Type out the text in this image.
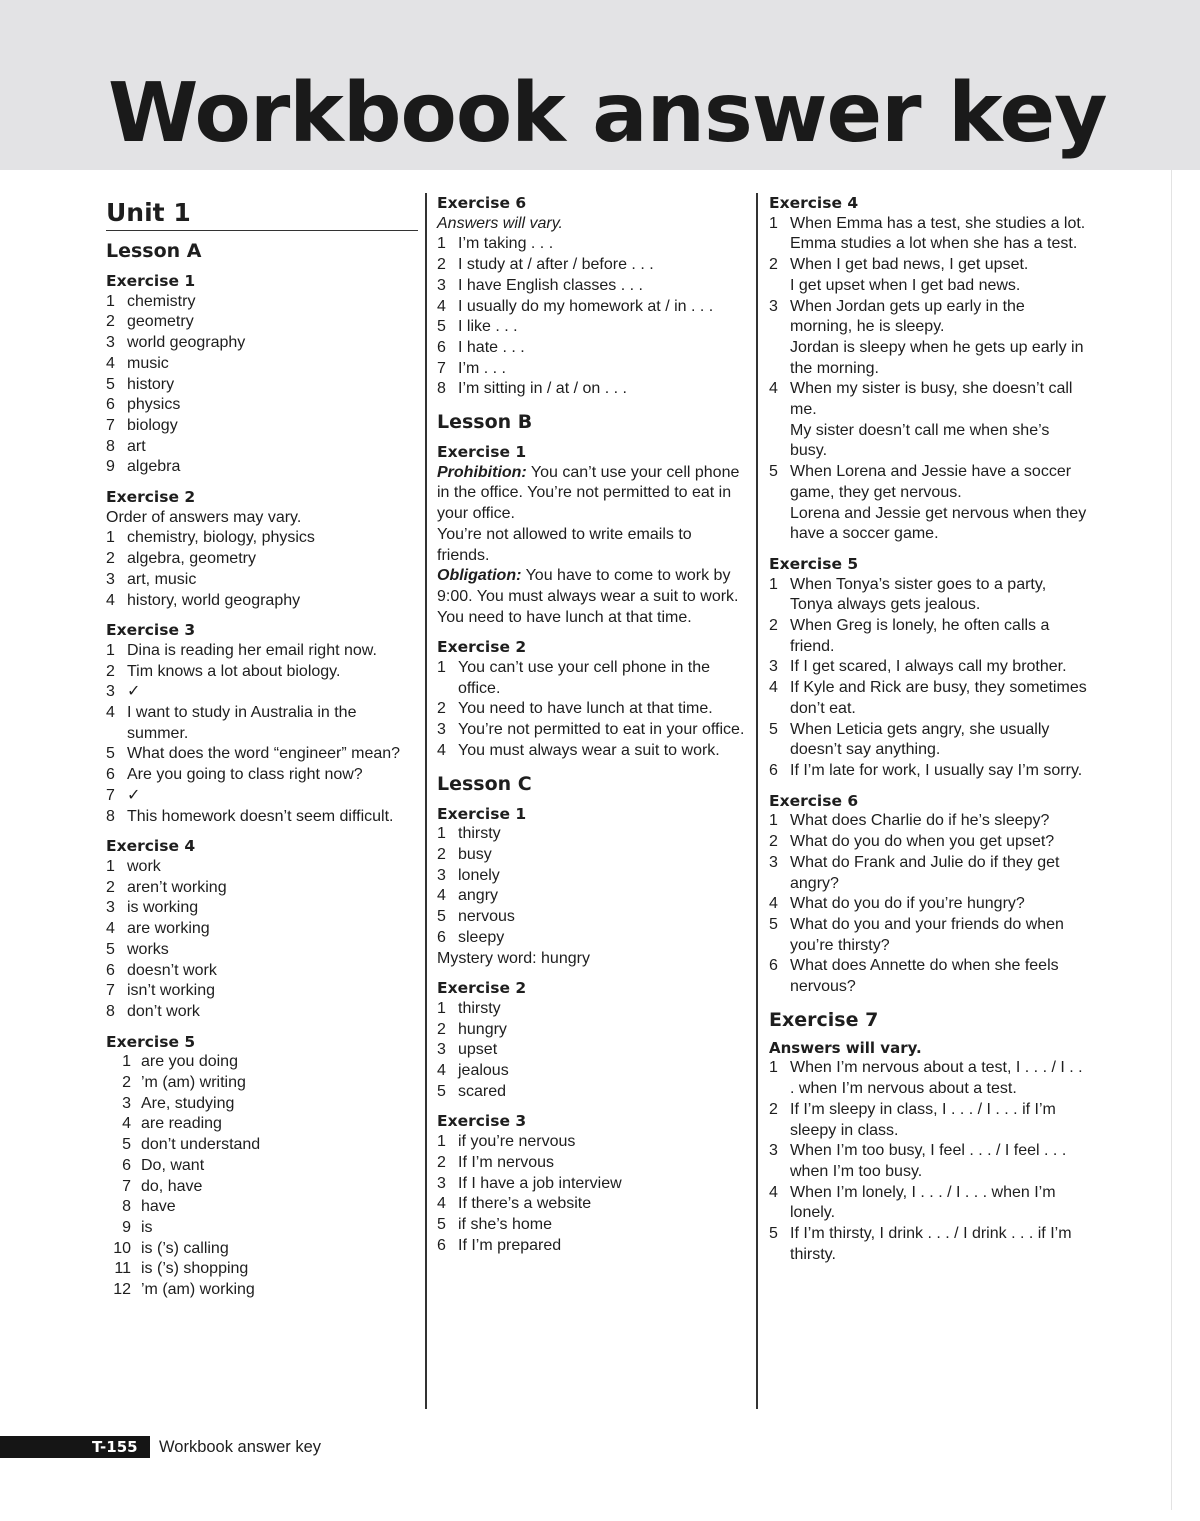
Workbook answer key
Unit 1
Lesson A
Exercise 1
1 chemistry
2 geometry
3 world geography
4 music
5 history
6 physics
7 biology
8 art
9 algebra
Exercise 2
Order of answers may vary.
1 chemistry, biology, physics
2 algebra, geometry
3 art, music
4 history, world geography
Exercise 3
1 Dina is reading her email right now.
2 Tim knows a lot about biology.
3 ✓
4 I want to study in Australia in the summer.
5 What does the word “engineer” mean?
6 Are you going to class right now?
7 ✓
8 This homework doesn’t seem difficult.
Exercise 4
1 work
2 aren’t working
3 is working
4 are working
5 works
6 doesn’t work
7 isn’t working
8 don’t work
Exercise 5
1 are you doing
2 ’m (am) writing
3 Are, studying
4 are reading
5 don’t understand
6 Do, want
7 do, have
8 have
9 is
10 is (’s) calling
11 is (’s) shopping
12 ’m (am) working
Exercise 6
Answers will vary.
1 I’m taking . . .
2 I study at / after / before . . .
3 I have English classes . . .
4 I usually do my homework at / in . . .
5 I like . . .
6 I hate . . .
7 I’m . . .
8 I’m sitting in / at / on . . .
Lesson B
Exercise 1
Prohibition: You can’t use your cell phone in the office. You’re not permitted to eat in your office.
You’re not allowed to write emails to friends.
Obligation: You have to come to work by 9:00. You must always wear a suit to work. You need to have lunch at that time.
Exercise 2
1 You can’t use your cell phone in the office.
2 You need to have lunch at that time.
3 You’re not permitted to eat in your office.
4 You must always wear a suit to work.
Lesson C
Exercise 1
1 thirsty
2 busy
3 lonely
4 angry
5 nervous
6 sleepy
Mystery word: hungry
Exercise 2
1 thirsty
2 hungry
3 upset
4 jealous
5 scared
Exercise 3
1 if you’re nervous
2 If I’m nervous
3 If I have a job interview
4 If there’s a website
5 if she’s home
6 If I’m prepared
Exercise 4
1 When Emma has a test, she studies a lot.
Emma studies a lot when she has a test.
2 When I get bad news, I get upset.
I get upset when I get bad news.
3 When Jordan gets up early in the morning, he is sleepy.
Jordan is sleepy when he gets up early in the morning.
4 When my sister is busy, she doesn’t call me.
My sister doesn’t call me when she’s busy.
5 When Lorena and Jessie have a soccer game, they get nervous.
Lorena and Jessie get nervous when they have a soccer game.
Exercise 5
1 When Tonya’s sister goes to a party, Tonya always gets jealous.
2 When Greg is lonely, he often calls a friend.
3 If I get scared, I always call my brother.
4 If Kyle and Rick are busy, they sometimes don’t eat.
5 When Leticia gets angry, she usually doesn’t say anything.
6 If I’m late for work, I usually say I’m sorry.
Exercise 6
1 What does Charlie do if he’s sleepy?
2 What do you do when you get upset?
3 What do Frank and Julie do if they get angry?
4 What do you do if you’re hungry?
5 What do you and your friends do when you’re thirsty?
6 What does Annette do when she feels nervous?
Exercise 7
Answers will vary.
1 When I’m nervous about a test, I . . . / I . . . when I’m nervous about a test.
2 If I’m sleepy in class, I . . . / I . . . if I’m sleepy in class.
3 When I’m too busy, I feel . . . / I feel . . . when I’m too busy.
4 When I’m lonely, I . . . / I . . . when I’m lonely.
5 If I’m thirsty, I drink . . . / I drink . . . if I’m thirsty.
T-155	Workbook answer key
